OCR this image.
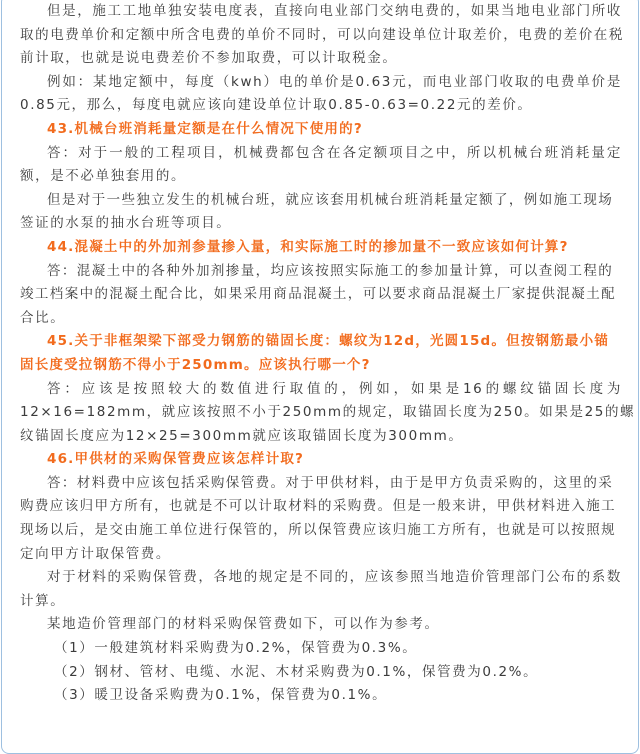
但是，施工工地单独安装电度表，直接向电业部门交纳电费的，如果当地电业部门所收
取的电费单价和定额中所含电费的单价不同时，可以向建设单位计取差价，电费的差价在税
前计取，也就是说电费差价不参加取费，可以计取税金。
例如：某地定额中，每度（kwh）电的单价是0.63元，而电业部门收取的电费单价是
0.85元，那么，每度电就应该向建设单位计取0.85-0.63=0.22元的差价。
43.机械台班消耗量定额是在什么情况下使用的?
答：对于一般的工程项目，机械费都包含在各定额项目之中，所以机械台班消耗量定
额，是不必单独套用的。
但是对于一些独立发生的机械台班，就应该套用机械台班消耗量定额了，例如施工现场
签证的水泵的抽水台班等项目。
44.混凝土中的外加剂参量掺入量，和实际施工时的掺加量不一致应该如何计算?
答：混凝土中的各种外加剂掺量，均应该按照实际施工的参加量计算，可以查阅工程的
竣工档案中的混凝土配合比，如果采用商品混凝土，可以要求商品混凝土厂家提供混凝土配
合比。
45.关于非框架梁下部受力钢筋的锚固长度：螺纹为12d，光圆15d。但按钢筋最小锚
固长度受拉钢筋不得小于250mm。应该执行哪一个?
答：应该是按照较大的数值进行取值的，例如，如果是16的螺纹锚固长度为
12×16=182mm，就应该按照不小于250mm的规定，取锚固长度为250。如果是25的螺
纹锚固长度应为12×25=300mm就应该取锚固长度为300mm。
46.甲供材的采购保管费应该怎样计取?
答：材料费中应该包括采购保管费。对于甲供材料，由于是甲方负责采购的，这里的采
购费应该归甲方所有，也就是不可以计取材料的采购费。但是一般来讲，甲供材料进入施工
现场以后，是交由施工单位进行保管的，所以保管费应该归施工方所有，也就是可以按照规
定向甲方计取保管费。
对于材料的采购保管费，各地的规定是不同的，应该参照当地造价管理部门公布的系数
计算。
某地造价管理部门的材料采购保管费如下，可以作为参考。
（1）一般建筑材料采购费为0.2%，保管费为0.3%。
（2）钢材、管材、电缆、水泥、木材采购费为0.1%，保管费为0.2%。
（3）暖卫设备采购费为0.1%，保管费为0.1%。
